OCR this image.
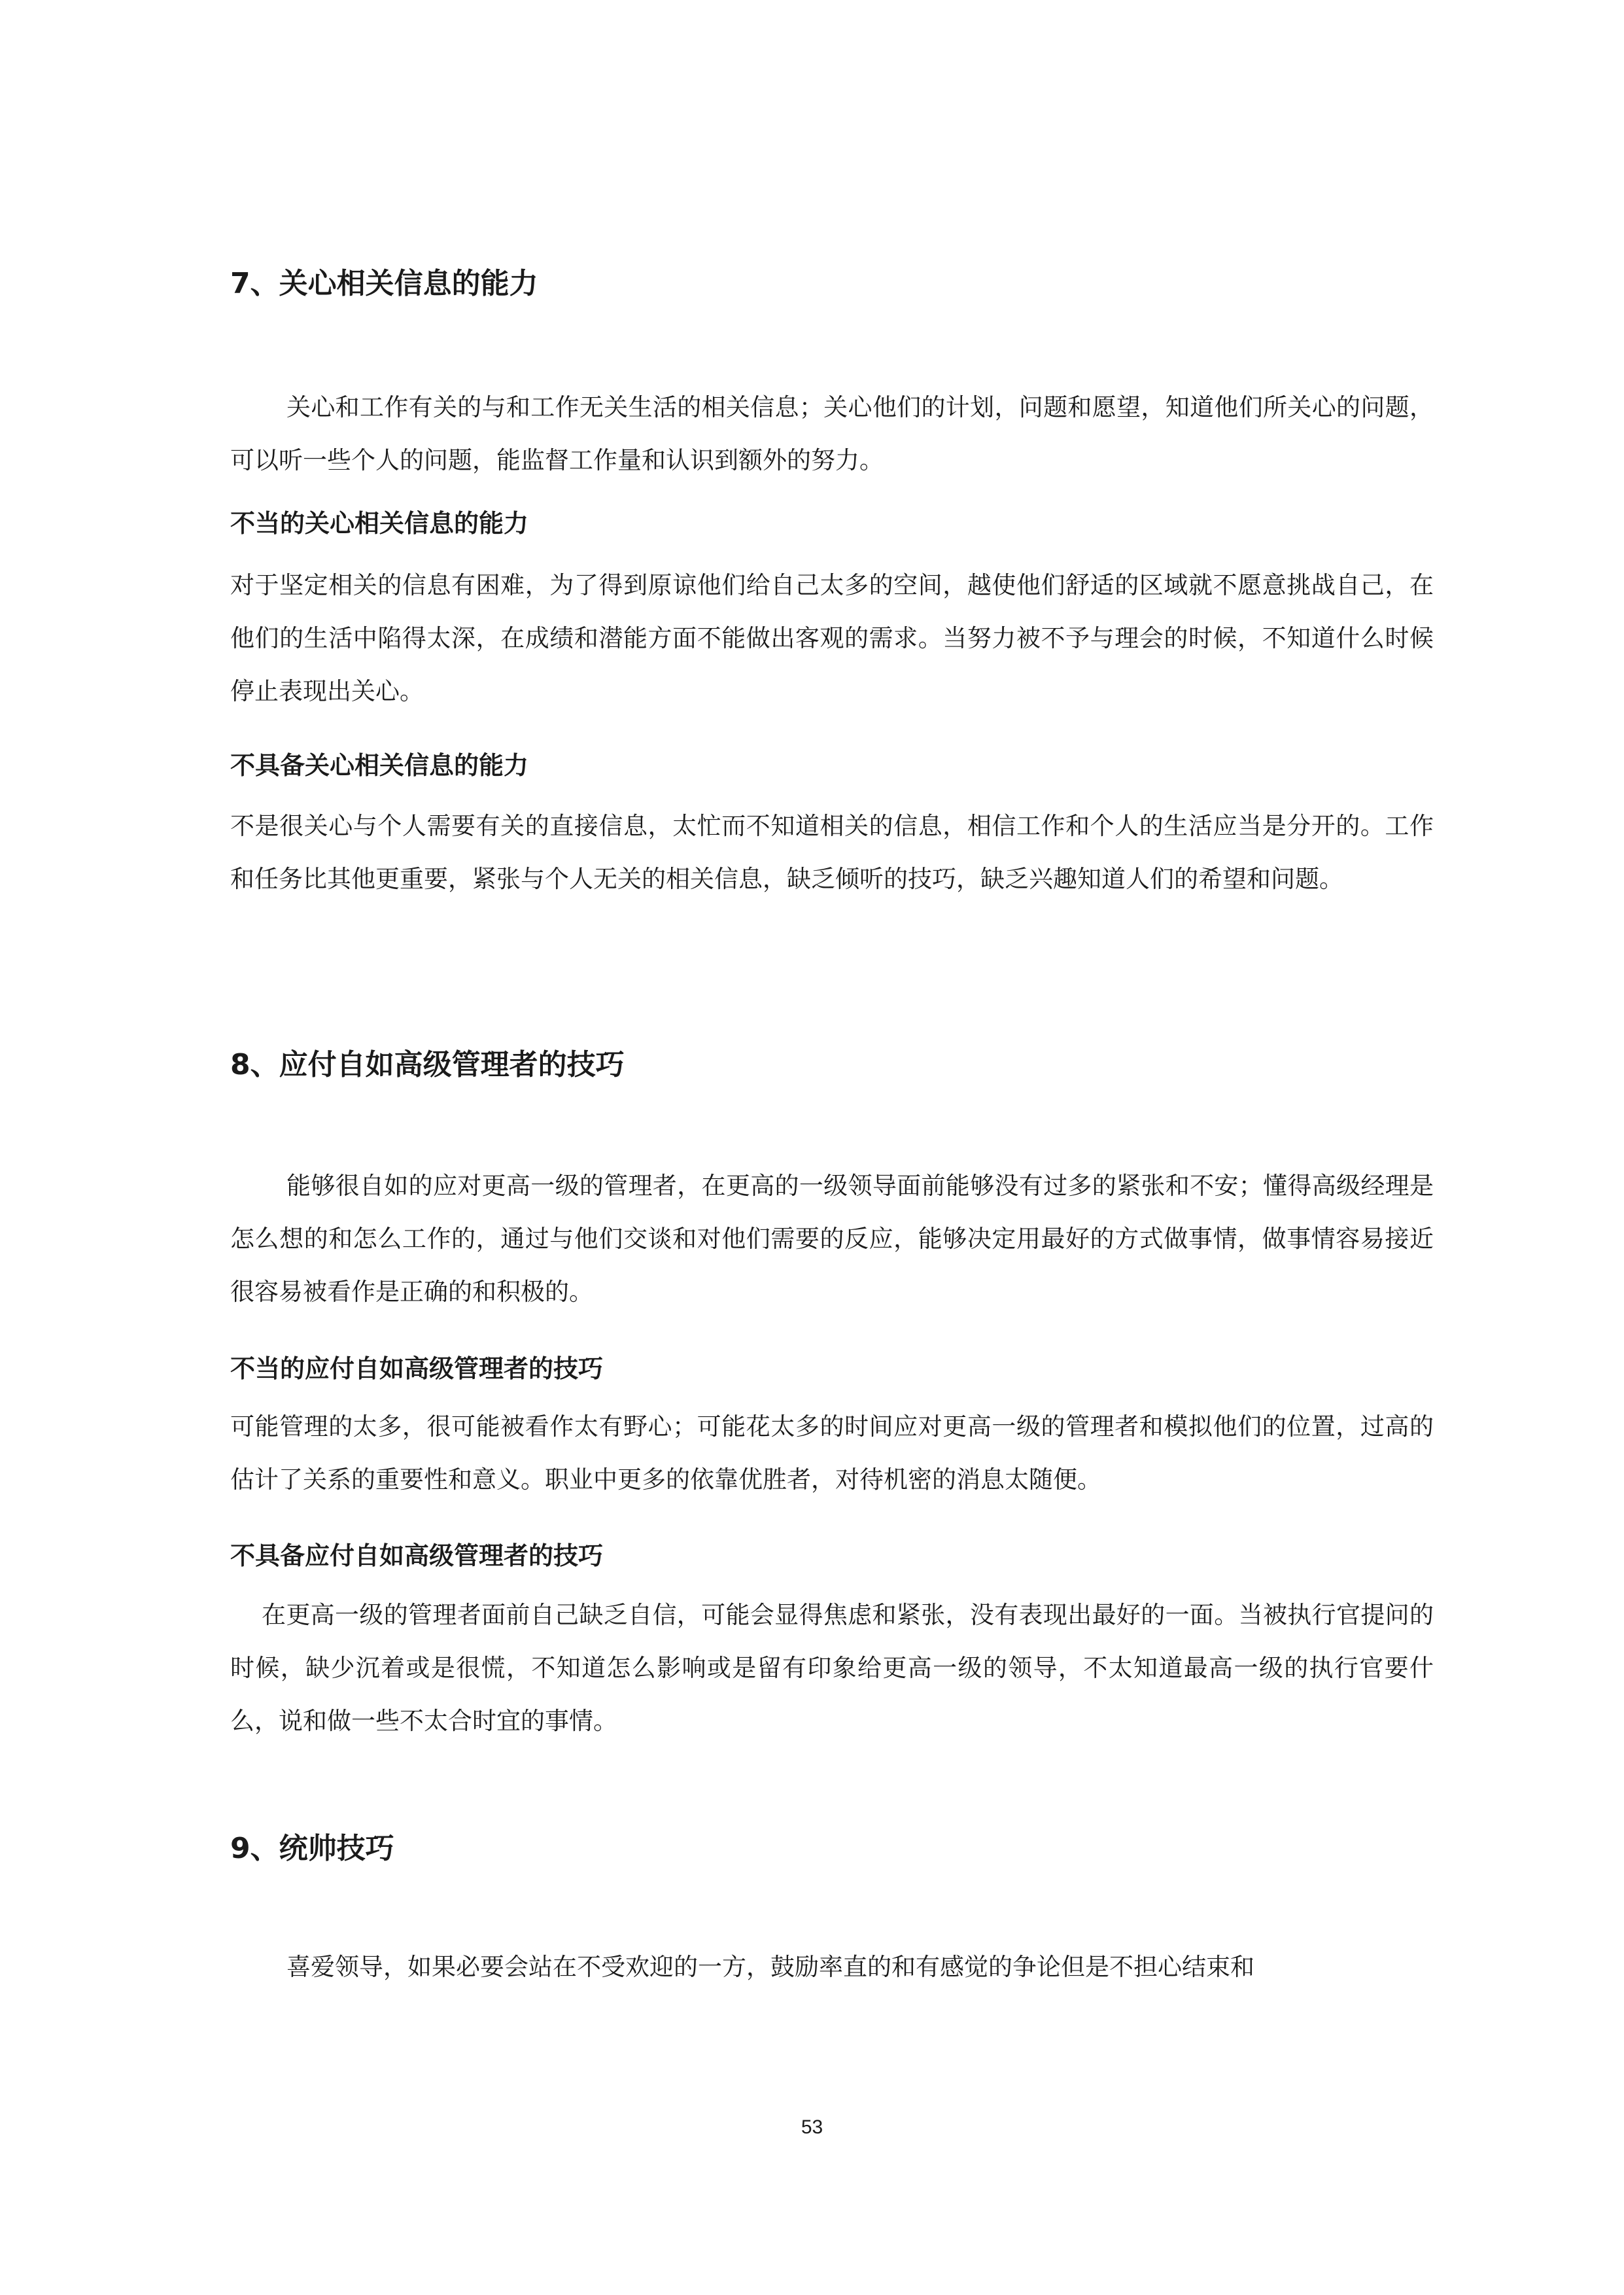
7、关心相关信息的能力

关心和工作有关的与和工作无关生活的相关信息；关心他们的计划，问题和愿望，知道他们所关心的问题，可以听一些个人的问题，能监督工作量和认识到额外的努力。

不当的关心相关信息的能力

对于坚定相关的信息有困难，为了得到原谅他们给自己太多的空间，越使他们舒适的区域就不愿意挑战自己，在他们的生活中陷得太深，在成绩和潜能方面不能做出客观的需求。当努力被不予与理会的时候，不知道什么时候停止表现出关心。

不具备关心相关信息的能力

不是很关心与个人需要有关的直接信息，太忙而不知道相关的信息，相信工作和个人的生活应当是分开的。工作和任务比其他更重要，紧张与个人无关的相关信息，缺乏倾听的技巧，缺乏兴趣知道人们的希望和问题。

8、应付自如高级管理者的技巧

能够很自如的应对更高一级的管理者，在更高的一级领导面前能够没有过多的紧张和不安；懂得高级经理是怎么想的和怎么工作的，通过与他们交谈和对他们需要的反应，能够决定用最好的方式做事情，做事情容易接近很容易被看作是正确的和积极的。

不当的应付自如高级管理者的技巧

可能管理的太多，很可能被看作太有野心；可能花太多的时间应对更高一级的管理者和模拟他们的位置，过高的估计了关系的重要性和意义。职业中更多的依靠优胜者，对待机密的消息太随便。

不具备应付自如高级管理者的技巧

在更高一级的管理者面前自己缺乏自信，可能会显得焦虑和紧张，没有表现出最好的一面。当被执行官提问的时候，缺少沉着或是很慌，不知道怎么影响或是留有印象给更高一级的领导，不太知道最高一级的执行官要什么，说和做一些不太合时宜的事情。

9、统帅技巧

喜爱领导，如果必要会站在不受欢迎的一方，鼓励率直的和有感觉的争论但是不担心结束和

53
